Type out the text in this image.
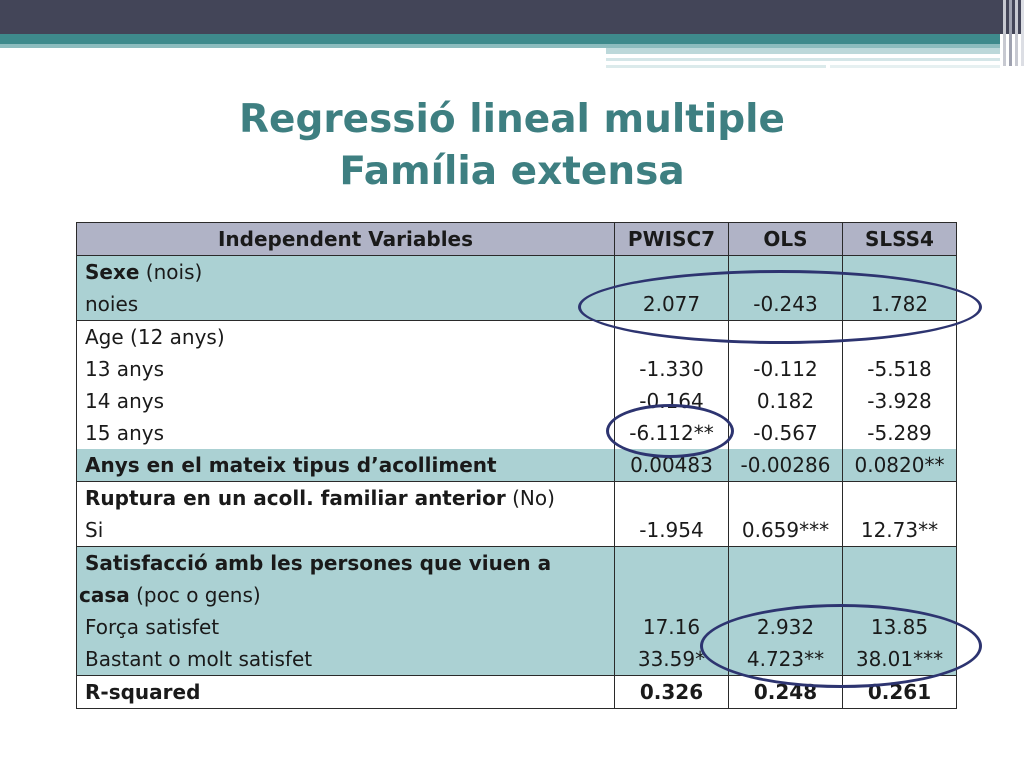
Regressió lineal multiple
Família extensa
Independent Variables	PWISC7	OLS	SLSS4
Sexe (nois)			
noies	2.077	-0.243	1.782
Age (12 anys)			
13 anys	-1.330	-0.112	-5.518
14 anys	-0.164	0.182	-3.928
15 anys	-6.112**	-0.567	-5.289
Anys en el mateix tipus d’acolliment	0.00483	-0.00286	0.0820**
Ruptura en un acoll. familiar anterior (No)			
Si	-1.954	0.659***	12.73**
Satisfacció amb les persones que viuen a			
casa (poc o gens)			
Força satisfet	17.16	2.932	13.85
Bastant o molt satisfet	33.59*	4.723**	38.01***
R-squared	0.326	0.248	0.261
